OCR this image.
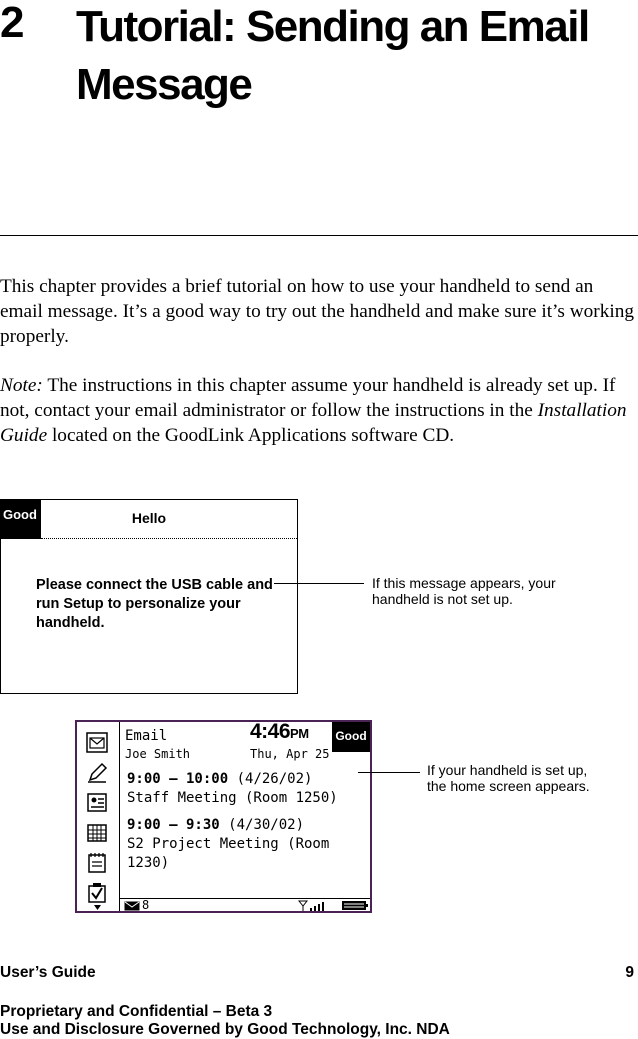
2 Tutorial: Sending an Email Message

This chapter provides a brief tutorial on how to use your handheld to send an email message. It’s a good way to try out the handheld and make sure it’s working properly.

Note: The instructions in this chapter assume your handheld is already set up. If not, contact your email administrator or follow the instructions in the Installation Guide located on the GoodLink Applications software CD.

Good	Hello
Please connect the USB cable and run Setup to personalize your handheld.
If this message appears, your handheld is not set up.
Email
Joe Smith
4:46PM
Thu, Apr 25
Good
9:00 – 10:00 (4/26/02)
Staff Meeting (Room 1250)
9:00 – 9:30 (4/30/02)
S2 Project Meeting (Room 1230)
8
If your handheld is set up, the home screen appears.
User’s Guide	9
Proprietary and Confidential – Beta 3
Use and Disclosure Governed by Good Technology, Inc. NDA
